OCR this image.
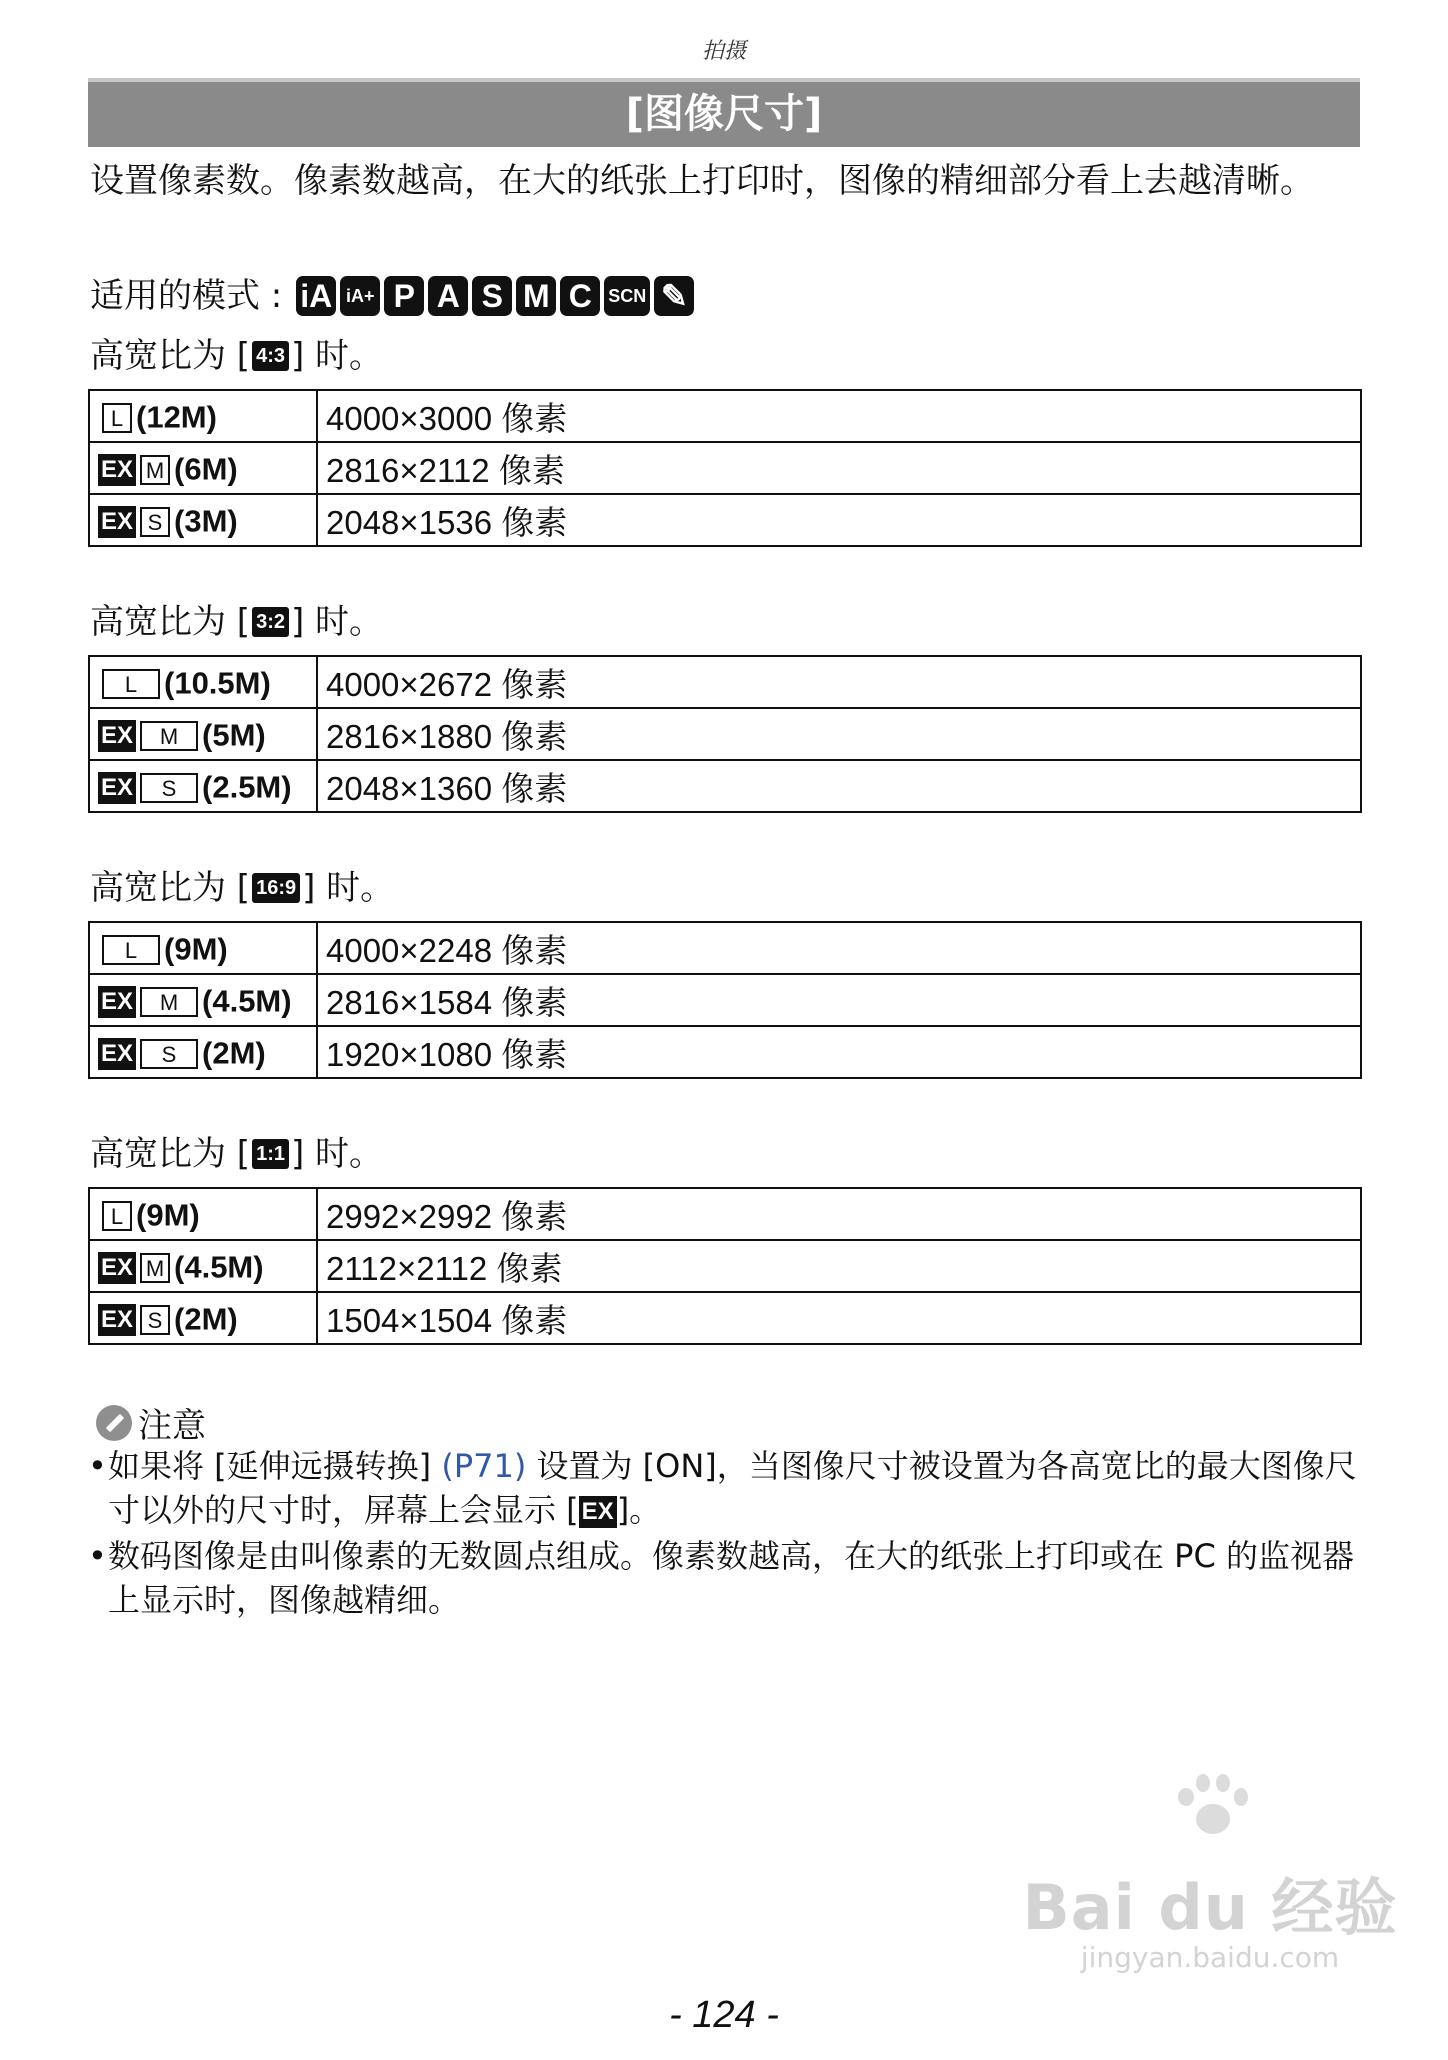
拍摄
[图像尺寸]
设置像素数。像素数越高，在大的纸张上打印时，图像的精细部分看上去越清晰。
适用的模式 : iA iA+ P A S M C SCN ✎
高宽比为 [ 4:3 ] 时。
L (12M)	4000×3000 像素
EX M (6M)	2816×2112 像素
EX S (3M)	2048×1536 像素
高宽比为 [ 3:2 ] 时。
L (10.5M)	4000×2672 像素
EX M (5M)	2816×1880 像素
EX S (2.5M)	2048×1360 像素
高宽比为 [ 16:9 ] 时。
L (9M)	4000×2248 像素
EX M (4.5M)	2816×1584 像素
EX S (2M)	1920×1080 像素
高宽比为 [ 1:1 ] 时。
L (9M)	2992×2992 像素
EX M (4.5M)	2112×2112 像素
EX S (2M)	1504×1504 像素
注意
• 如果将 [延伸远摄转换] (P71) 设置为 [ON]，当图像尺寸被设置为各高宽比的最大图像尺寸以外的尺寸时，屏幕上会显示 [ EX]。
• 数码图像是由叫像素的无数圆点组成。像素数越高，在大的纸张上打印或在 PC 的监视器上显示时，图像越精细。
Bai du 经验
jingyan.baidu.com
- 124 -
